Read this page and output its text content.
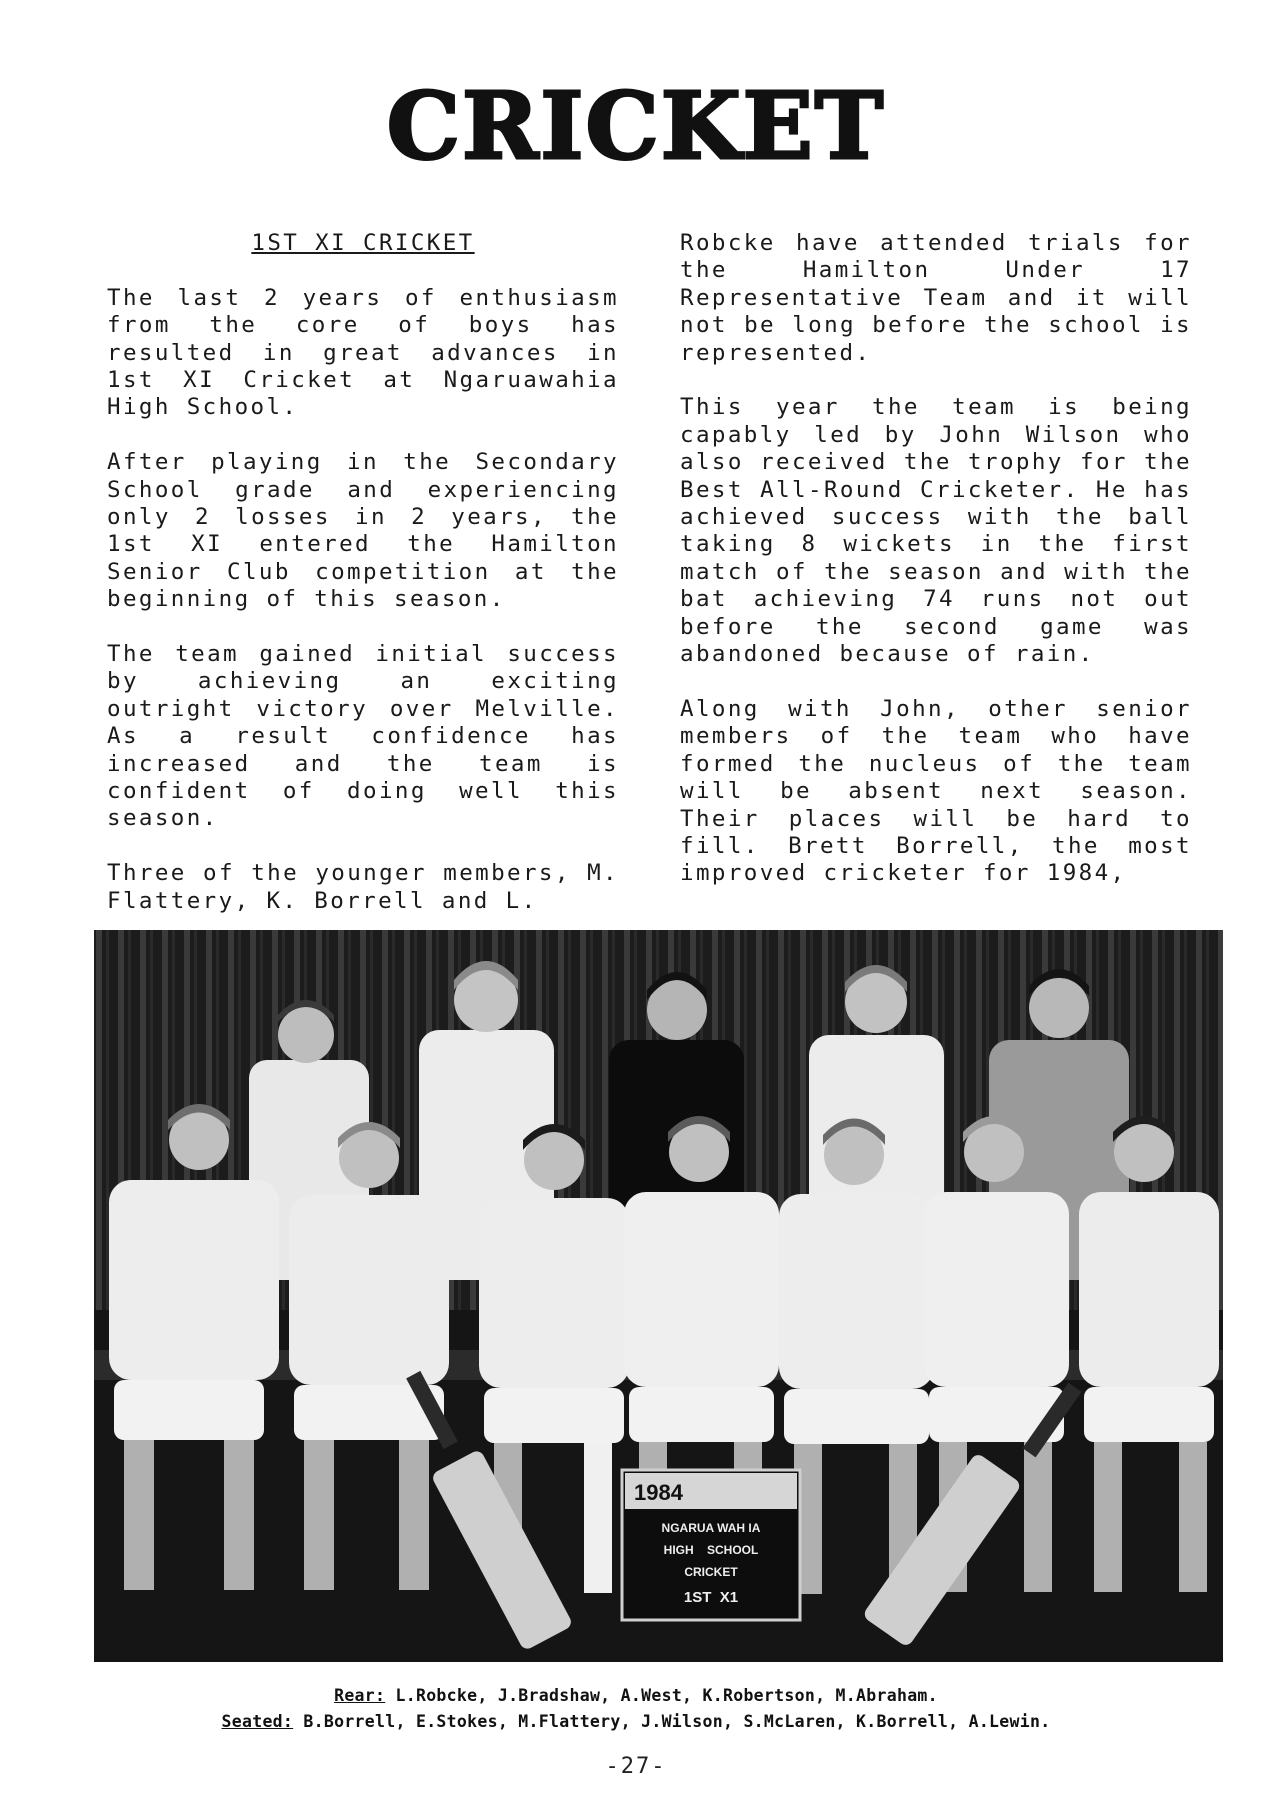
CRICKET
1ST XI CRICKET

The last 2 years of enthusiasm from the core of boys has resulted in great advances in 1st XI Cricket at Ngaruawahia High School.

After playing in the Secondary School grade and experiencing only 2 losses in 2 years, the 1st XI entered the Hamilton Senior Club competition at the beginning of this season.

The team gained initial success by achieving an exciting outright victory over Melville. As a result confidence has increased and the team is confident of doing well this season.

Three of the younger members, M. Flattery, K. Borrell and L.

Robcke have attended trials for the Hamilton Under 17 Representative Team and it will not be long before the school is represented.

This year the team is being capably led by John Wilson who also received the trophy for the Best All-Round Cricketer. He has achieved success with the ball taking 8 wickets in the first match of the season and with the bat achieving 74 runs not out before the second game was abandoned because of rain.

Along with John, other senior members of the team who have formed the nucleus of the team will be absent next season. Their places will be hard to fill. Brett Borrell, the most improved cricketer for 1984,

1984
NGARUA WAH IA
HIGH    SCHOOL
CRICKET
1ST  X1
Rear: L.Robcke, J.Bradshaw, A.West, K.Robertson, M.Abraham.
Seated: B.Borrell, E.Stokes, M.Flattery, J.Wilson, S.McLaren, K.Borrell, A.Lewin.
-27-
